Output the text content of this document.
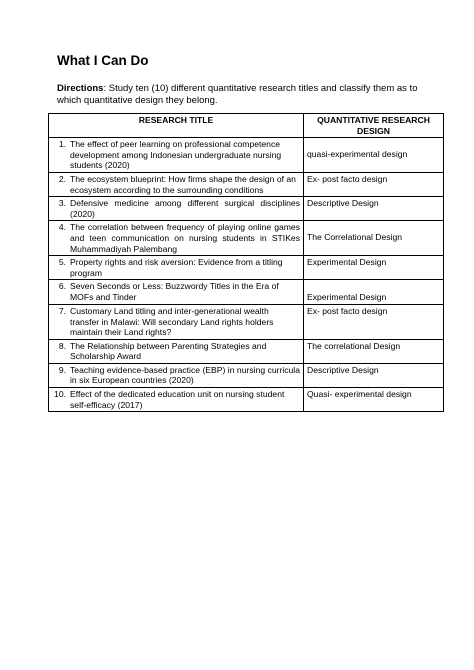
What I Can Do

Directions: Study ten (10) different quantitative research titles and classify them as to which quantitative design they belong.

RESEARCH TITLE	QUANTITATIVE RESEARCH DESIGN

1. The effect of peer learning on professional competence development among Indonesian undergraduate nursing students (2020)	quasi-experimental design

2. The ecosystem blueprint: How firms shape the design of an ecosystem according to the surrounding conditions	Ex- post facto design

3. Defensive medicine among different surgical disciplines (2020)	Descriptive Design

4. The correlation between frequency of playing online games and teen communication on nursing students in STIKes Muhammadiyah Palembang	The Correlational Design

5. Property rights and risk aversion: Evidence from a titling program	Experimental Design

6. Seven Seconds or Less: Buzzwordy Titles in the Era of MOFs and Tinder	Experimental Design

7. Customary Land titling and inter-generational wealth transfer in Malawi: Will secondary Land rights holders maintain their Land rights?	Ex- post facto design

8. The Relationship between Parenting Strategies and Scholarship Award	The correlational Design

9. Teaching evidence-based practice (EBP) in nursing curricula in six European countries (2020)	Descriptive Design

10. Effect of the dedicated education unit on nursing student self-efficacy (2017)	Quasi- experimental design
